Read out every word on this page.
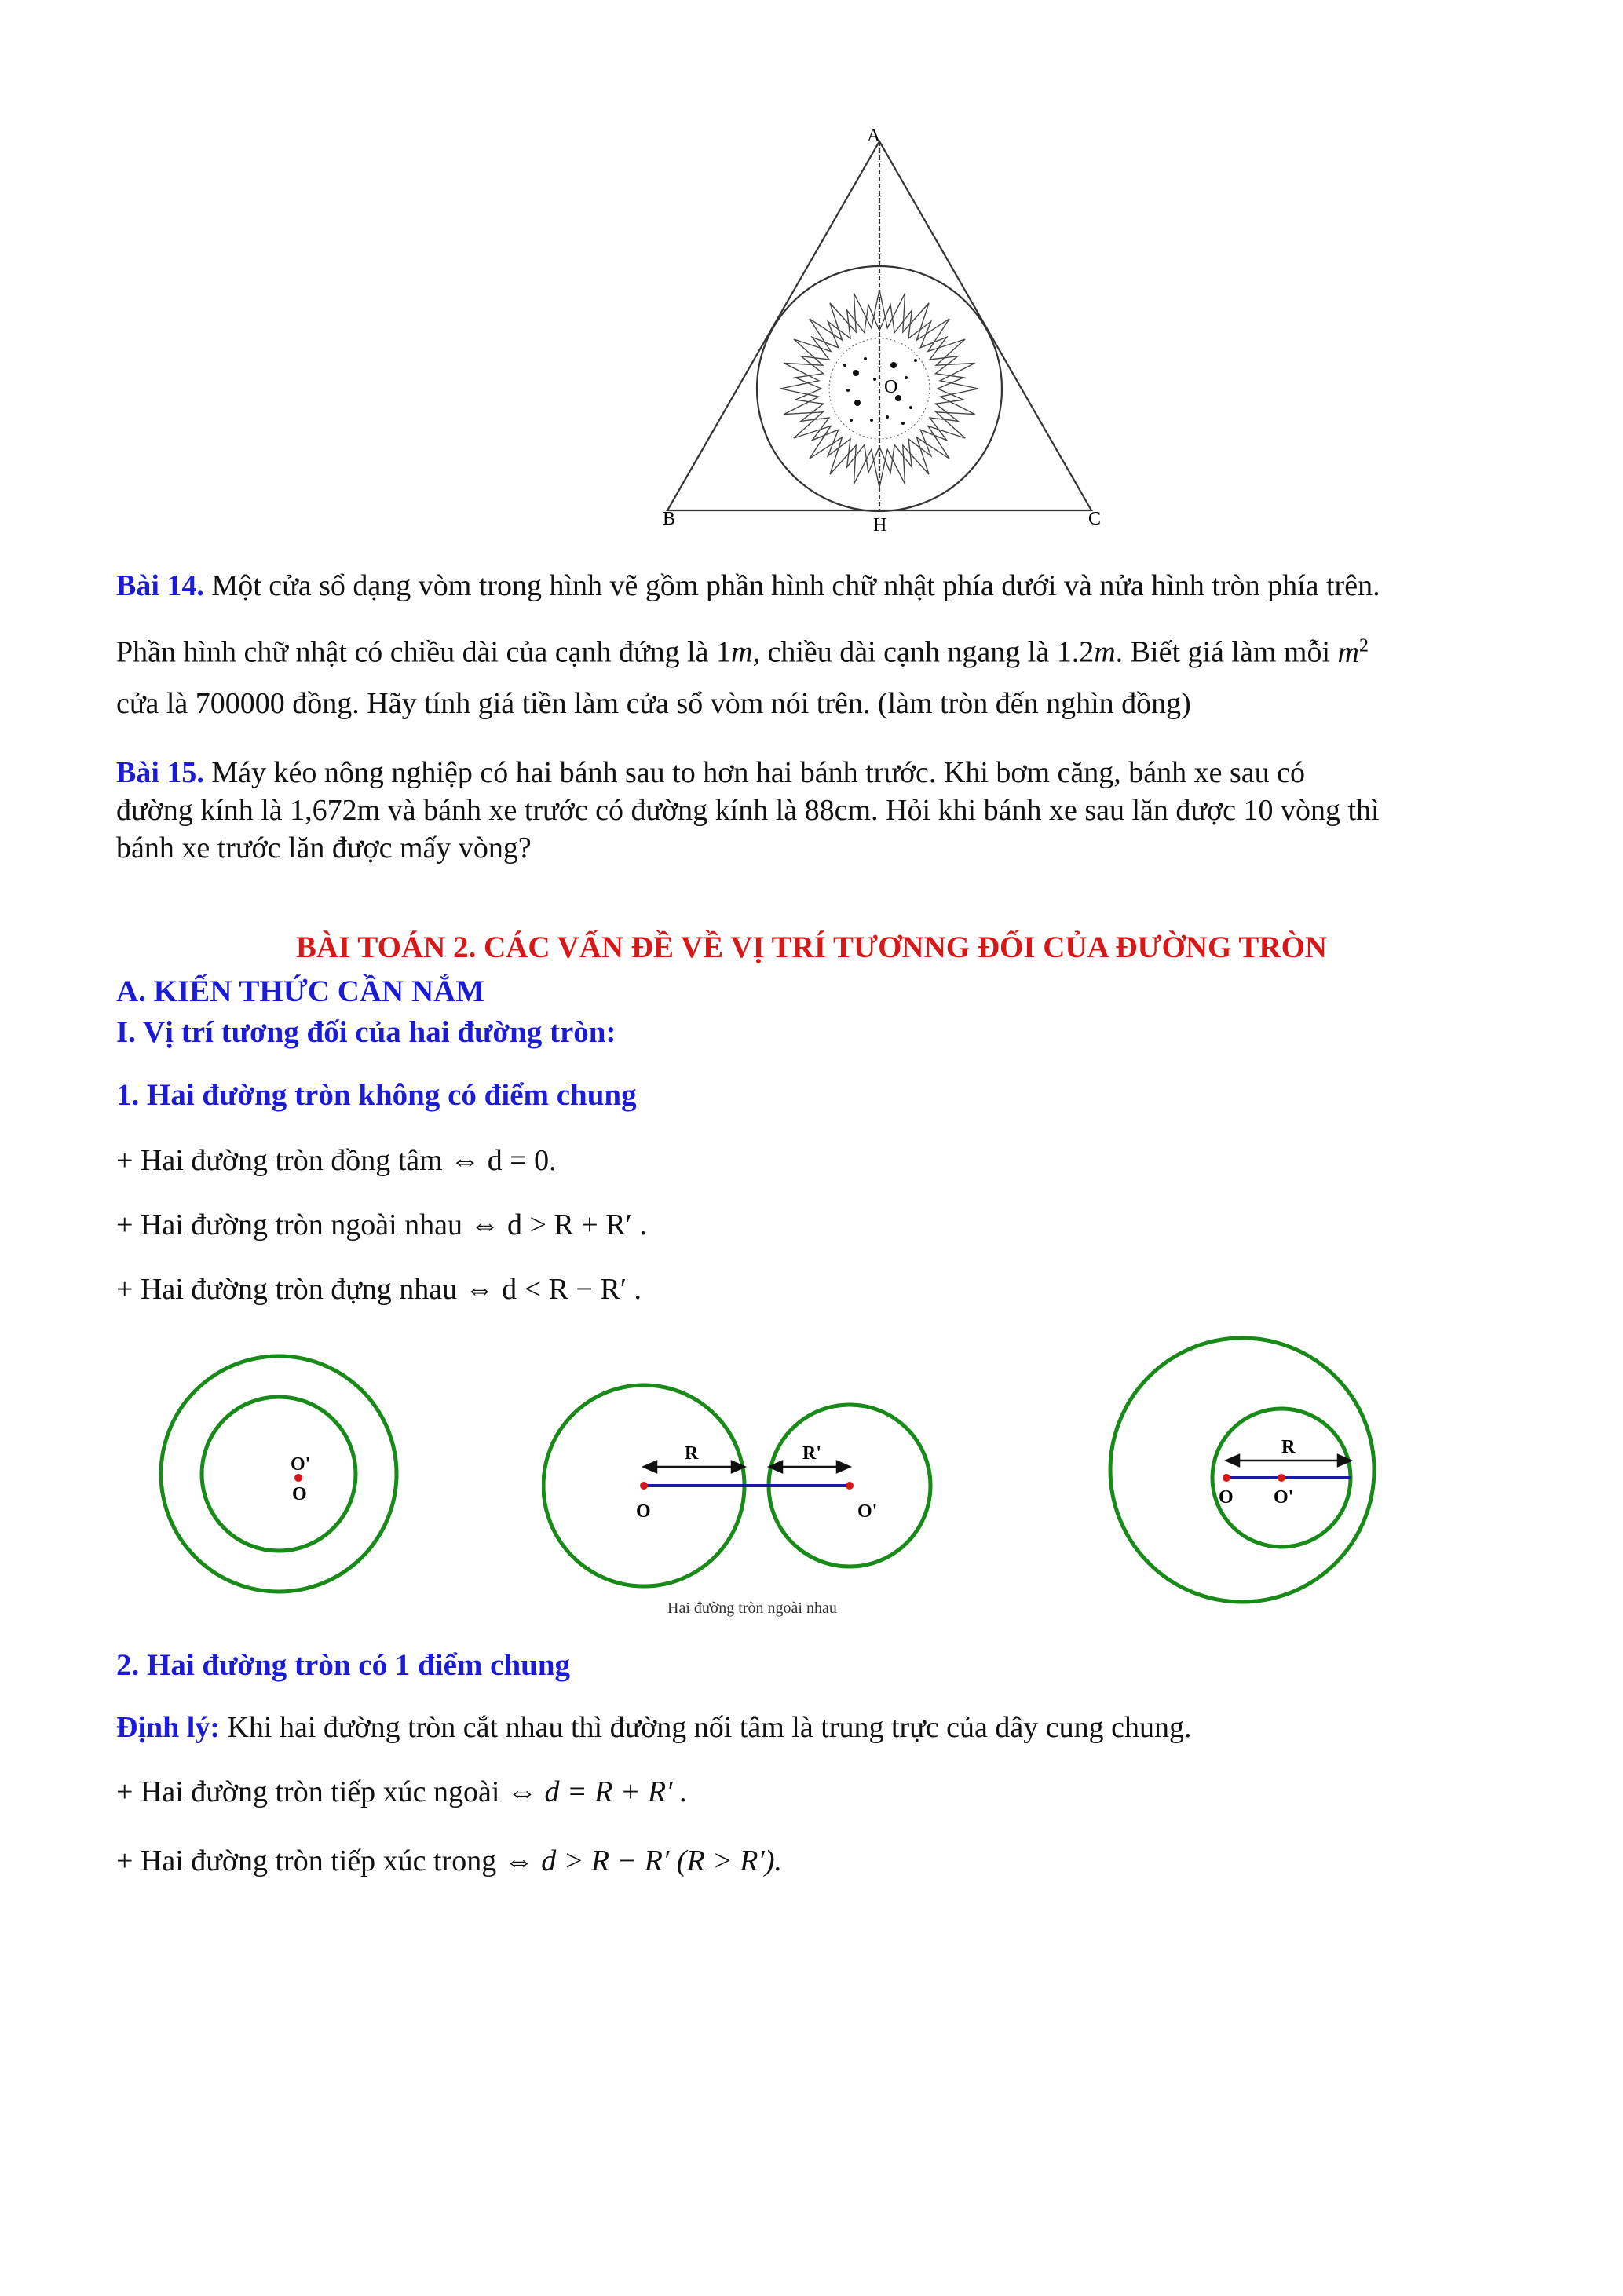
A
B	C
H
O
Bài 14. Một cửa sổ dạng vòm trong hình vẽ gồm phần hình chữ nhật phía dưới và nửa hình tròn phía trên.
Phần hình chữ nhật có chiều dài của cạnh đứng là 1m, chiều dài cạnh ngang là 1.2m. Biết giá làm mỗi $m^2$
cửa là 700000 đồng. Hãy tính giá tiền làm cửa sổ vòm nói trên. (làm tròn đến nghìn đồng)
Bài 15. Máy kéo nông nghiệp có hai bánh sau to hơn hai bánh trước. Khi bơm căng, bánh xe sau có
đường kính là 1,672m và bánh xe trước có đường kính là 88cm. Hỏi khi bánh xe sau lăn được 10 vòng thì
bánh xe trước lăn được mấy vòng?
BÀI TOÁN 2. CÁC VẤN ĐỀ VỀ VỊ TRÍ TƯƠNNG ĐỐI CỦA ĐƯỜNG TRÒN
A. KIẾN THỨC CẦN NẮM
I. Vị trí tương đối của hai đường tròn:
1. Hai đường tròn không có điểm chung
+ Hai đường tròn đồng tâm ⇔ d = 0.
+ Hai đường tròn ngoài nhau ⇔ d > R + R′ .
+ Hai đường tròn đựng nhau ⇔ d < R − R′ .
O'
O
R	R'
O	O'
Hai đường tròn ngoài nhau
R
O O'
2. Hai đường tròn có 1 điểm chung
Định lý: Khi hai đường tròn cắt nhau thì đường nối tâm là trung trực của dây cung chung.
+ Hai đường tròn tiếp xúc ngoài ⇔ d = R + R′ .
+ Hai đường tròn tiếp xúc trong ⇔ d > R − R′ (R > R′).
